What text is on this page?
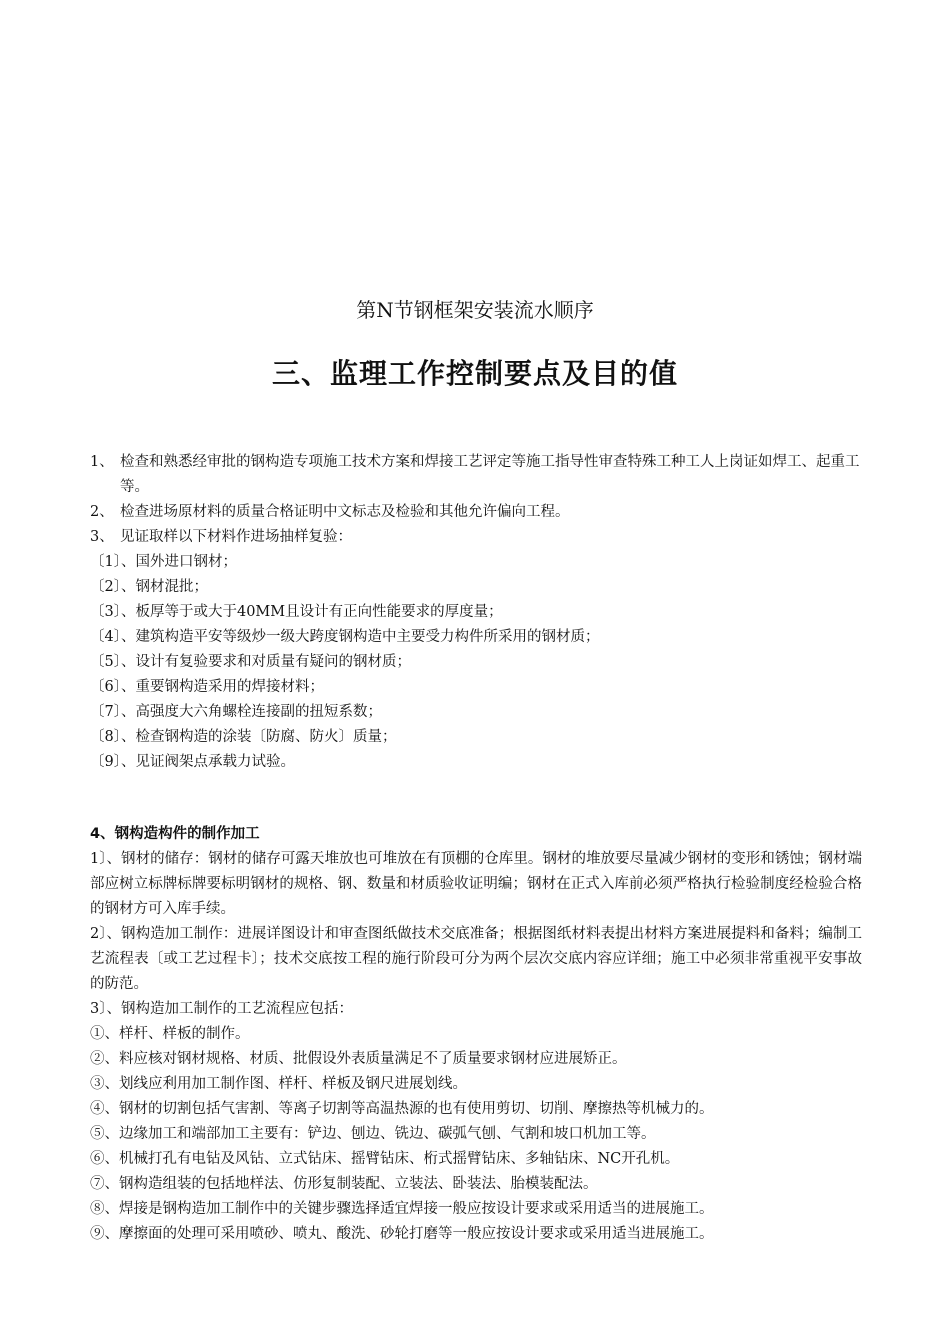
第N节钢框架安装流水顺序
三、监理工作控制要点及目的值
1、 检查和熟悉经审批的钢构造专项施工技术方案和焊接工艺评定等施工指导性审查特殊工种工人上岗证如焊工、起重工等。
2、 检查进场原材料的质量合格证明中文标志及检验和其他允许偏向工程。
3、 见证取样以下材料作进场抽样复验：
〔1〕、国外进口钢材；
〔2〕、钢材混批；
〔3〕、板厚等于或大于40MM且设计有正向性能要求的厚度量；
〔4〕、建筑构造平安等级炒一级大跨度钢构造中主要受力构件所采用的钢材质；
〔5〕、设计有复验要求和对质量有疑问的钢材质；
〔6〕、重要钢构造采用的焊接材料；
〔7〕、高强度大六角螺栓连接副的扭短系数；
〔8〕、检查钢构造的涂装〔防腐、防火〕质量；
〔9〕、见证阀架点承载力试验。
4、钢构造构件的制作加工
1〕、钢材的储存：钢材的储存可露天堆放也可堆放在有顶棚的仓库里。钢材的堆放要尽量减少钢材的变形和锈蚀；钢材端部应树立标牌标牌要标明钢材的规格、钢、数量和材质验收证明编；钢材在正式入库前必须严格执行检验制度经检验合格的钢材方可入库手续。
2〕、钢构造加工制作：进展详图设计和审查图纸做技术交底准备；根据图纸材料表提出材料方案进展提料和备料；编制工艺流程表〔或工艺过程卡〕；技术交底按工程的施行阶段可分为两个层次交底内容应详细；施工中必须非常重视平安事故的防范。
3〕、钢构造加工制作的工艺流程应包括：
①、样杆、样板的制作。
②、料应核对钢材规格、材质、批假设外表质量满足不了质量要求钢材应进展矫正。
③、划线应利用加工制作图、样杆、样板及钢尺进展划线。
④、钢材的切割包括气害割、等离子切割等高温热源的也有使用剪切、切削、摩擦热等机械力的。
⑤、边缘加工和端部加工主要有：铲边、刨边、铣边、碳弧气刨、气割和坡口机加工等。
⑥、机械打孔有电钻及风钻、立式钻床、摇臂钻床、桁式摇臂钻床、多轴钻床、NC开孔机。
⑦、钢构造组装的包括地样法、仿形复制装配、立装法、卧装法、胎模装配法。
⑧、焊接是钢构造加工制作中的关键步骤选择适宜焊接一般应按设计要求或采用适当的进展施工。
⑨、摩擦面的处理可采用喷砂、喷丸、酸洗、砂轮打磨等一般应按设计要求或采用适当进展施工。
